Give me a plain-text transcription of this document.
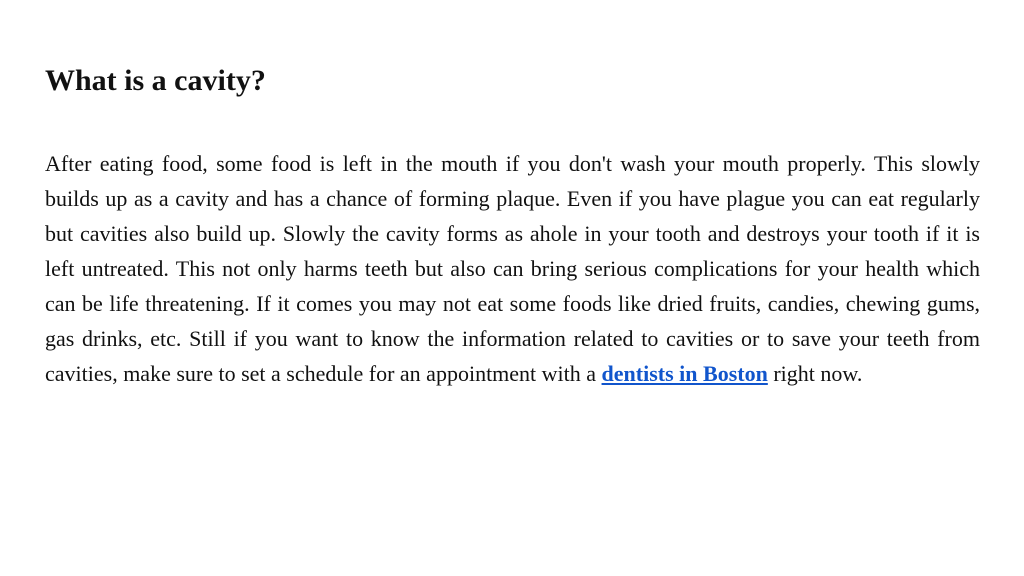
What is a cavity?

After eating food, some food is left in the mouth if you don't wash your mouth properly. This slowly builds up as a cavity and has a chance of forming plaque. Even if you have plague you can eat regularly but cavities also build up. Slowly the cavity forms as ahole in your tooth and destroys your tooth if it is left untreated. This not only harms teeth but also can bring serious complications for your health which can be life threatening. If it comes you may not eat some foods like dried fruits, candies, chewing gums, gas drinks, etc. Still if you want to know the information related to cavities or to save your teeth from cavities, make sure to set a schedule for an appointment with a dentists in Boston right now.
